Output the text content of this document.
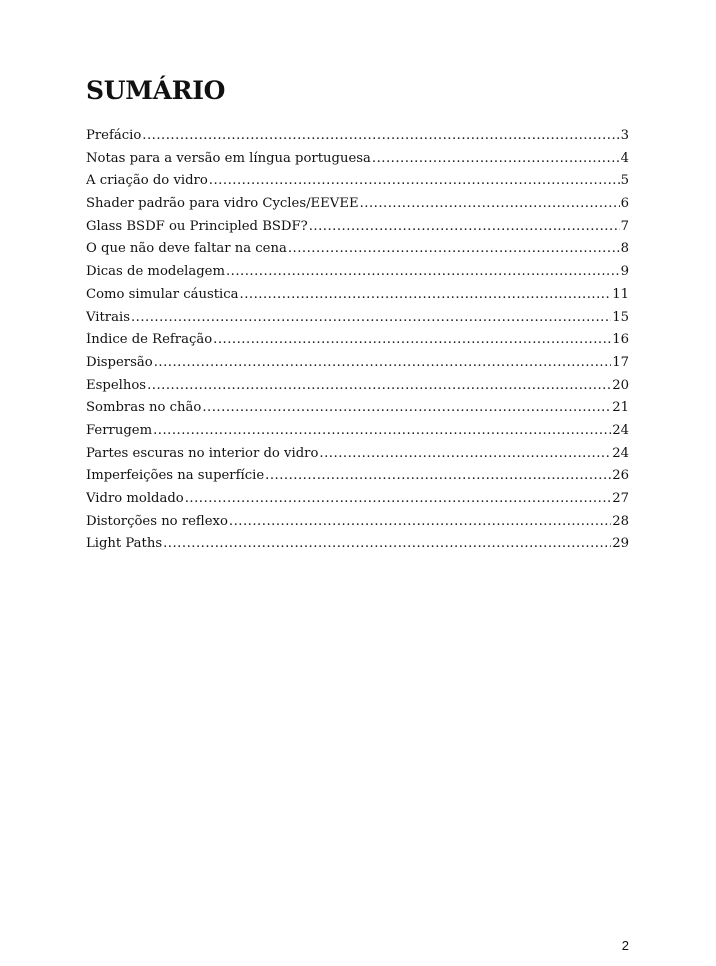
SUMÁRIO
Prefácio .....	3
Notas para a versão em língua portuguesa .....	4
A criação do vidro .....	5
Shader padrão para vidro Cycles/EEVEE .....	6
Glass BSDF ou Principled BSDF? .....	7
O que não deve faltar na cena .....	8
Dicas de modelagem .....	9
Como simular cáustica .....	11
Vitrais .....	15
Índice de Refração .....	16
Dispersão .....	17
Espelhos .....	20
Sombras no chão .....	21
Ferrugem .....	24
Partes escuras no interior do vidro .....	24
Imperfeições na superfície .....	26
Vidro moldado .....	27
Distorções no reflexo .....	28
Light Paths .....	29
2
